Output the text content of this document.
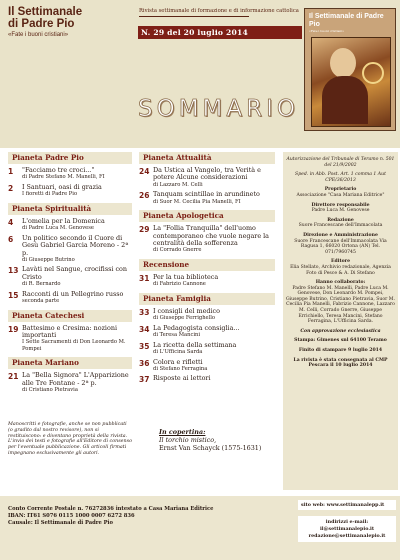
Il Settimanale
di Padre Pio
«Fate i buoni cristiani»
Rivista settimanale di formazione e di informazione cattolica
N. 29 del 20 luglio 2014
SOMMARIO
Il Settimanale di Padre Pio
«Fate i buoni cristiani»
Pianeta Padre Pio
1	"Facciamo tre croci..."
di Padre Stefano M. Manelli, FI
2	I Santuari, oasi di grazia
I fioretti di Padre Pio
Pianeta Spiritualità
4	L'omelia per la Domenica
di Padre Luca M. Genovese
6	Un politico secondo il Cuore di Gesù Gabriel Garcia Moreno - 2ª p.
di Giuseppe Butrino
13 Lavàti nel Sangue, crocifissi con Cristo
di R. Bernardo
15 Racconti di un Pellegrino russo
seconda parte
Pianeta Catechesi
19 Battesimo e Cresima: nozioni importanti
I Sette Sacramenti di Don Leonardo M. Pompei
Pianeta Mariano
21 La "Bella Signora" L'Apparizione alle Tre Fontane - 2ª p.
di Cristiano Pietravia
Pianeta Attualità
24 Da Ustica al Vangelo, tra Verità e potere Alcune considerazioni
di Lazzaro M. Celli
26 Tanquam scintillae in arundineto
di Suor M. Cecilia Pia Manelli, FI
Pianeta Apologetica
29 La "Follia Tranquilla" dell'uomo contemporaneo che vuole negare la centralità della sofferenza
di Corrado Gnerre
Recensione
31 Per la tua biblioteca
di Fabrizio Cannone
Pianeta Famiglia
33 I consigli del medico
di Giuseppe Ferrighello
34 La Pedagogista consiglia...
di Teresa Mancini
35 La ricetta della settimana
di L'Ufficina Sarda
36 Colora e rifletti
di Stefano Ferragina
37 Risposte ai lettori
Manoscritti e fotografie, anche se non pubblicati (o gradito dal nostro revisore), non si restituiscono: e diventano proprietà della rivista. L'invio dei testi e fotografie all'Editore di consenso per l'eventuale pubblicazione. Gli articoli firmati impegnano esclusivamente gli autori.
In copertina:
Il torchio mistico,
Ernst Van Schayck (1575-1631)
Autorizzazione del Tribunale di Teramo n. 501 del 21/9/2002
Sped. in Abb. Post. Art. 1 comma 1 Aut CPE/36/2013
Proprietario
Associazione "Casa Mariana Editrice"
Direttore responsabile
Padre Luca M. Genovese
Redazione
Suore Francescane dell'Immacolata
Direzione e Amministrazione
Suore Francescane dell'Immacolata Via Ragusa 1, 66020 Ortona (AN) Tel. 071/7960745
Editore
Elia Stellato, Archivio redazionale, Agenzia Foto di Pesce & A. Di Stefano
Hanno collaborato:
Padre Stefano M. Manelli, Padre Luca M. Genovese, Don Leonardo M. Pompei, Giuseppe Butrino, Cristiano Pietravia, Suor M. Cecilia Pia Manelli, Fabrizio Cannone, Lazzaro M. Celli, Corrado Gnerre, Giuseppe Errichiello, Teresa Mancini, Stefano Ferragina, L'Ufficina Sarda.
Con approvazione ecclesiastica
Stampa: Gimenes snl 64100 Teramo
Finito di stampare 9 luglio 2014
La rivista è stata consegnata al CMP Pescara il 10 luglio 2014
Conto Corrente Postale n. 76272836 intestato a Casa Mariana Editrice
IBAN: IT61 S076 0115 1000 0007 6272 836
Causale: Il Settimanale di Padre Pio
sito web: www.settimanalepp.it
indirizzi e-mail:
il@settimanalepio.it
redazione@settimanalepio.it
